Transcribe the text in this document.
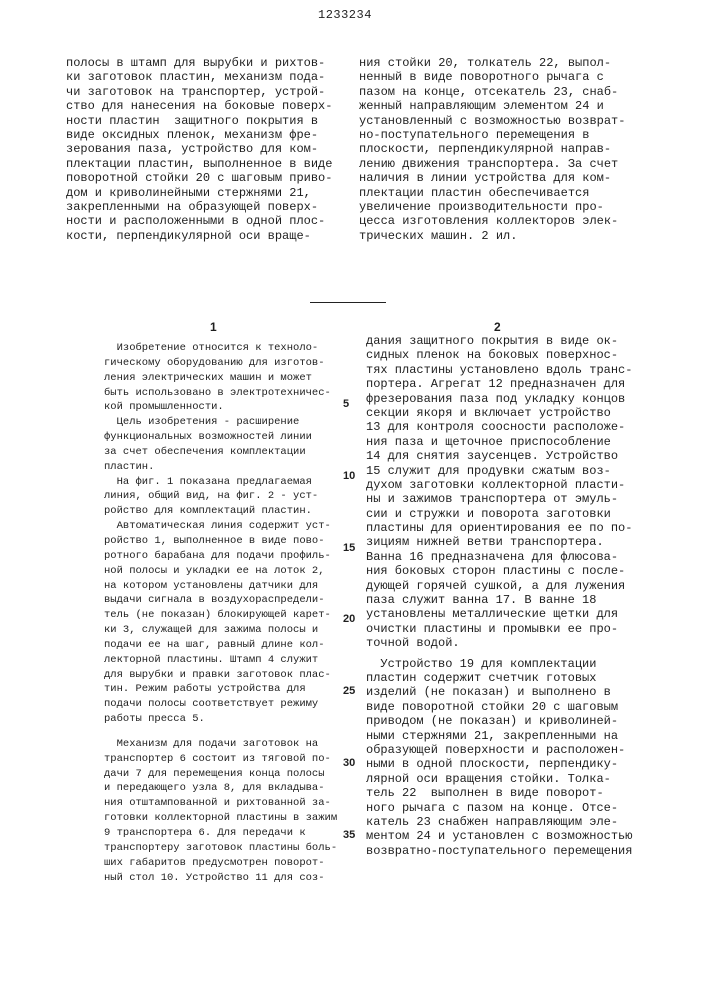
1233234
полосы в штамп для вырубки и рихтов-
ки заготовок пластин, механизм пода-
чи заготовок на транспортер, устрой-
ство для нанесения на боковые поверх-
ности пластин  защитного покрытия в
виде оксидных пленок, механизм фре-
зерования паза, устройство для ком-
плектации пластин, выполненное в виде
поворотной стойки 20 с шаговым приво-
дом и криволинейными стержнями 21,
закрепленными на образующей поверх-
ности и расположенными в одной плос-
кости, перпендикулярной оси враще-
ния стойки 20, толкатель 22, выпол-
ненный в виде поворотного рычага с
пазом на конце, отсекатель 23, снаб-
женный направляющим элементом 24 и
установленный с возможностью возврат-
но-поступательного перемещения в
плоскости, перпендикулярной направ-
лению движения транспортера. За счет
наличия в линии устройства для ком-
плектации пластин обеспечивается
увеличение производительности про-
цесса изготовления коллекторов элек-
трических машин. 2 ил.
1	2
Изобретение относится к техноло-
гическому оборудованию для изготов-
ления электрических машин и может
быть использовано в электротехничес-
кой промышленности.
Цель изобретения - расширение
функциональных возможностей линии
за счет обеспечения комплектации
пластин.
На фиг. 1 показана предлагаемая
линия, общий вид, на фиг. 2 - уст-
ройство для комплектаций пластин.
Автоматическая линия содержит уст-
ройство 1, выполненное в виде пово-
ротного барабана для подачи профиль-
ной полосы и укладки ее на лоток 2,
на котором установлены датчики для
выдачи сигнала в воздухораспредели-
тель (не показан) блокирующей карет-
ки 3, служащей для зажима полосы и
подачи ее на шаг, равный длине кол-
лекторной пластины. Штамп 4 служит
для вырубки и правки заготовок плас-
тин. Режим работы устройства для
подачи полосы соответствует режиму
работы пресса 5.
Механизм для подачи заготовок на
транспортер 6 состоит из тяговой по-
дачи 7 для перемещения конца полосы
и передающего узла 8, для вкладыва-
ния отштампованной и рихтованной за-
готовки коллекторной пластины в зажим
9 транспортера 6. Для передачи к
транспортеру заготовок пластины боль-
ших габаритов предусмотрен поворот-
ный стол 10. Устройство 11 для соз-
дания защитного покрытия в виде ок-
сидных пленок на боковых поверхнос-
тях пластины установлено вдоль транс-
портера. Агрегат 12 предназначен для
фрезерования паза под укладку концов
секции якоря и включает устройство
13 для контроля соосности расположе-
ния паза и щеточное приспособление
14 для снятия заусенцев. Устройство
15 служит для продувки сжатым воз-
духом заготовки коллекторной пласти-
ны и зажимов транспортера от эмуль-
сии и стружки и поворота заготовки
пластины для ориентирования ее по по-
зициям нижней ветви транспортера.
Ванна 16 предназначена для флюсова-
ния боковых сторон пластины с после-
дующей горячей сушкой, а для лужения
паза служит ванна 17. В ванне 18
установлены металлические щетки для
очистки пластины и промывки ее про-
точной водой.
Устройство 19 для комплектации
пластин содержит счетчик готовых
изделий (не показан) и выполнено в
виде поворотной стойки 20 с шаговым
приводом (не показан) и криволиней-
ными стержнями 21, закрепленными на
образующей поверхности и расположен-
ными в одной плоскости, перпендику-
лярной оси вращения стойки. Толка-
тель 22  выполнен в виде поворот-
ного рычага с пазом на конце. Отсе-
катель 23 снабжен направляющим эле-
ментом 24 и установлен с возможностью
возвратно-поступательного перемещения
5
10
15
20
25
30
35
